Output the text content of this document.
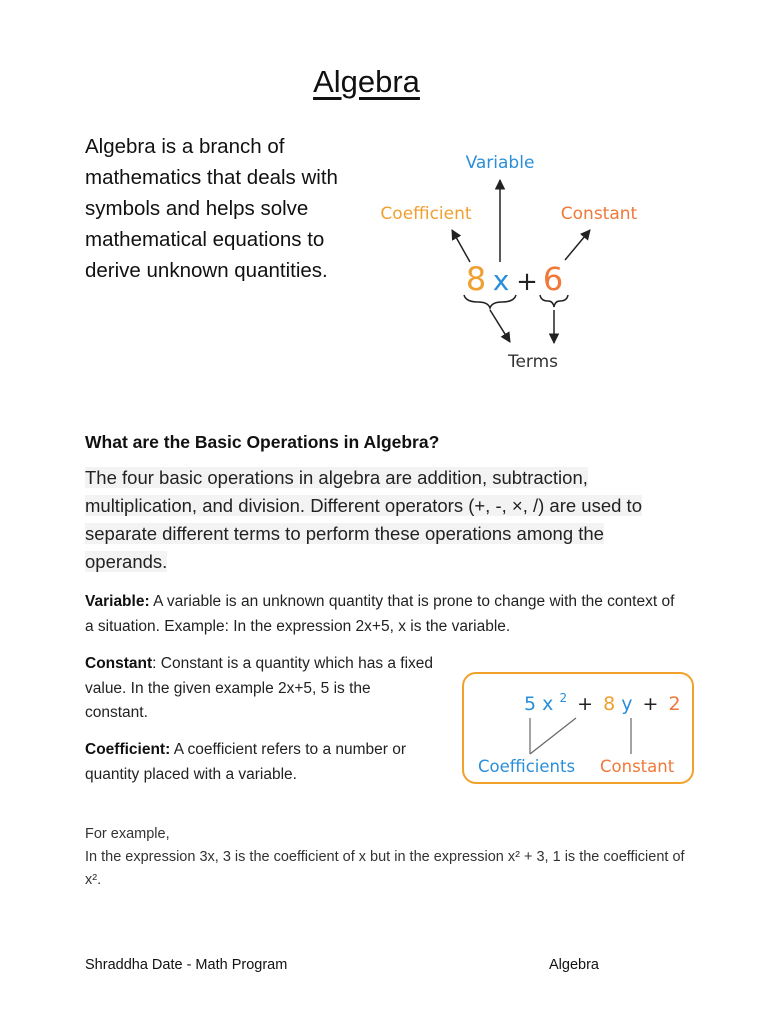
Algebra
Algebra is a branch of mathematics that deals with symbols and helps solve mathematical equations to derive unknown quantities.
Variable
Coefficient	Constant
8 x + 6
Terms
What are the Basic Operations in Algebra?
The four basic operations in algebra are addition, subtraction, multiplication, and division. Different operators (+, -, ×, /) are used to separate different terms to perform these operations among the operands.
Variable: A variable is an unknown quantity that is prone to change with the context of a situation. Example: In the expression 2x+5, x is the variable.
Constant: Constant is a quantity which has a fixed value. In the given example 2x+5, 5 is the constant.
Coefficient: A coefficient refers to a number or quantity placed with a variable.
5 x $^2$ + 8 y + 2
Coefficients Constant
For example,
In the expression 3x, 3 is the coefficient of x but in the expression x² + 3, 1 is the coefficient of x².
Shraddha Date - Math Program	Algebra
